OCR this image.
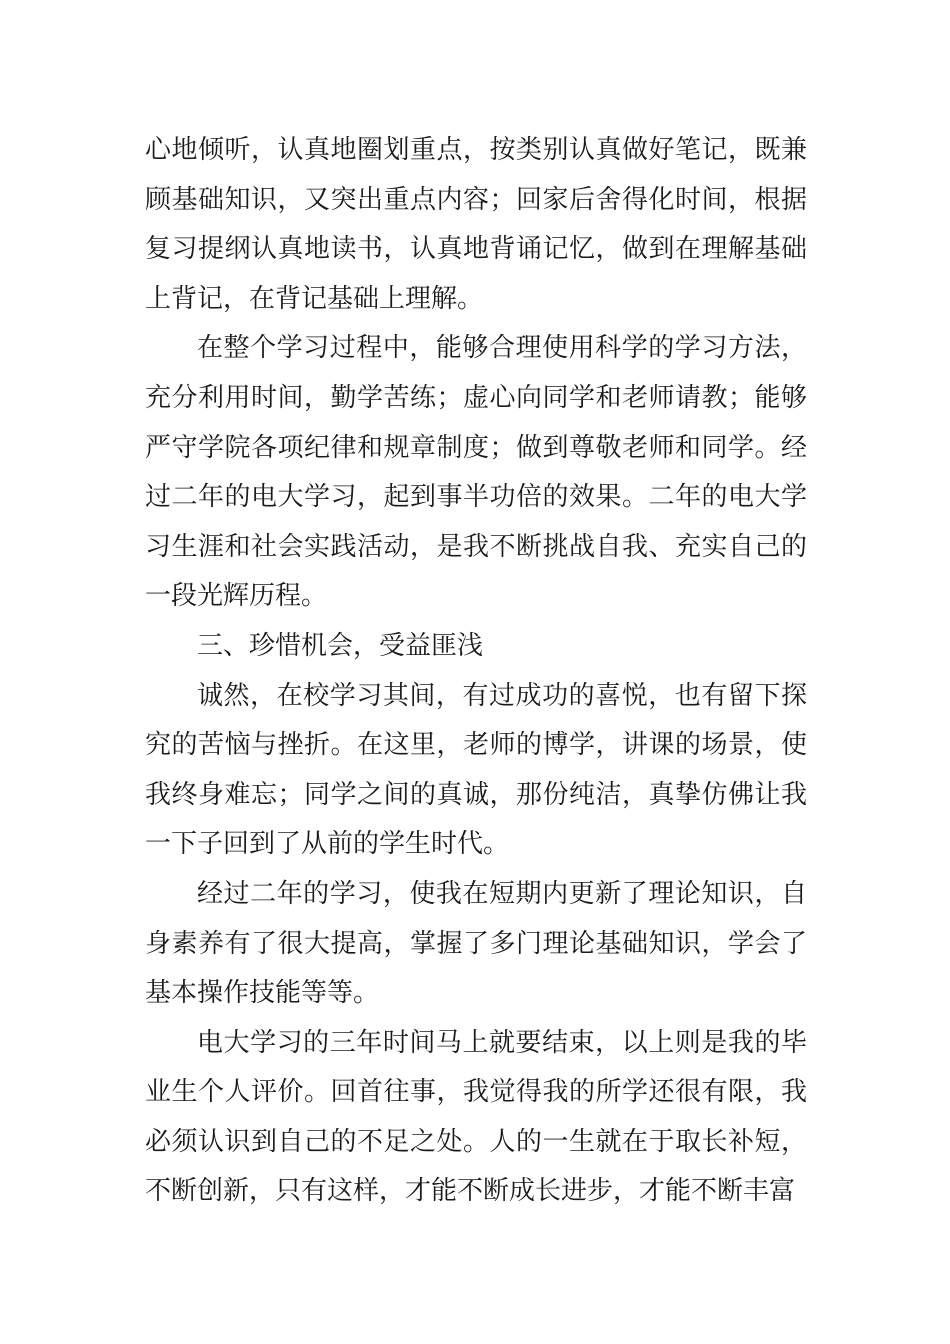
心地倾听，认真地圈划重点，按类别认真做好笔记，既兼顾基础知识，又突出重点内容；回家后舍得化时间，根据复习提纲认真地读书，认真地背诵记忆，做到在理解基础上背记，在背记基础上理解。

在整个学习过程中，能够合理使用科学的学习方法，充分利用时间，勤学苦练；虚心向同学和老师请教；能够严守学院各项纪律和规章制度；做到尊敬老师和同学。经过二年的电大学习，起到事半功倍的效果。二年的电大学习生涯和社会实践活动，是我不断挑战自我、充实自己的一段光辉历程。

三、珍惜机会，受益匪浅

诚然，在校学习其间，有过成功的喜悦，也有留下探究的苦恼与挫折。在这里，老师的博学，讲课的场景，使我终身难忘；同学之间的真诚，那份纯洁，真挚仿佛让我一下子回到了从前的学生时代。

经过二年的学习，使我在短期内更新了理论知识，自身素养有了很大提高，掌握了多门理论基础知识，学会了基本操作技能等等。

电大学习的三年时间马上就要结束，以上则是我的毕业生个人评价。回首往事，我觉得我的所学还很有限，我必须认识到自己的不足之处。人的一生就在于取长补短，不断创新，只有这样，才能不断成长进步，才能不断丰富
